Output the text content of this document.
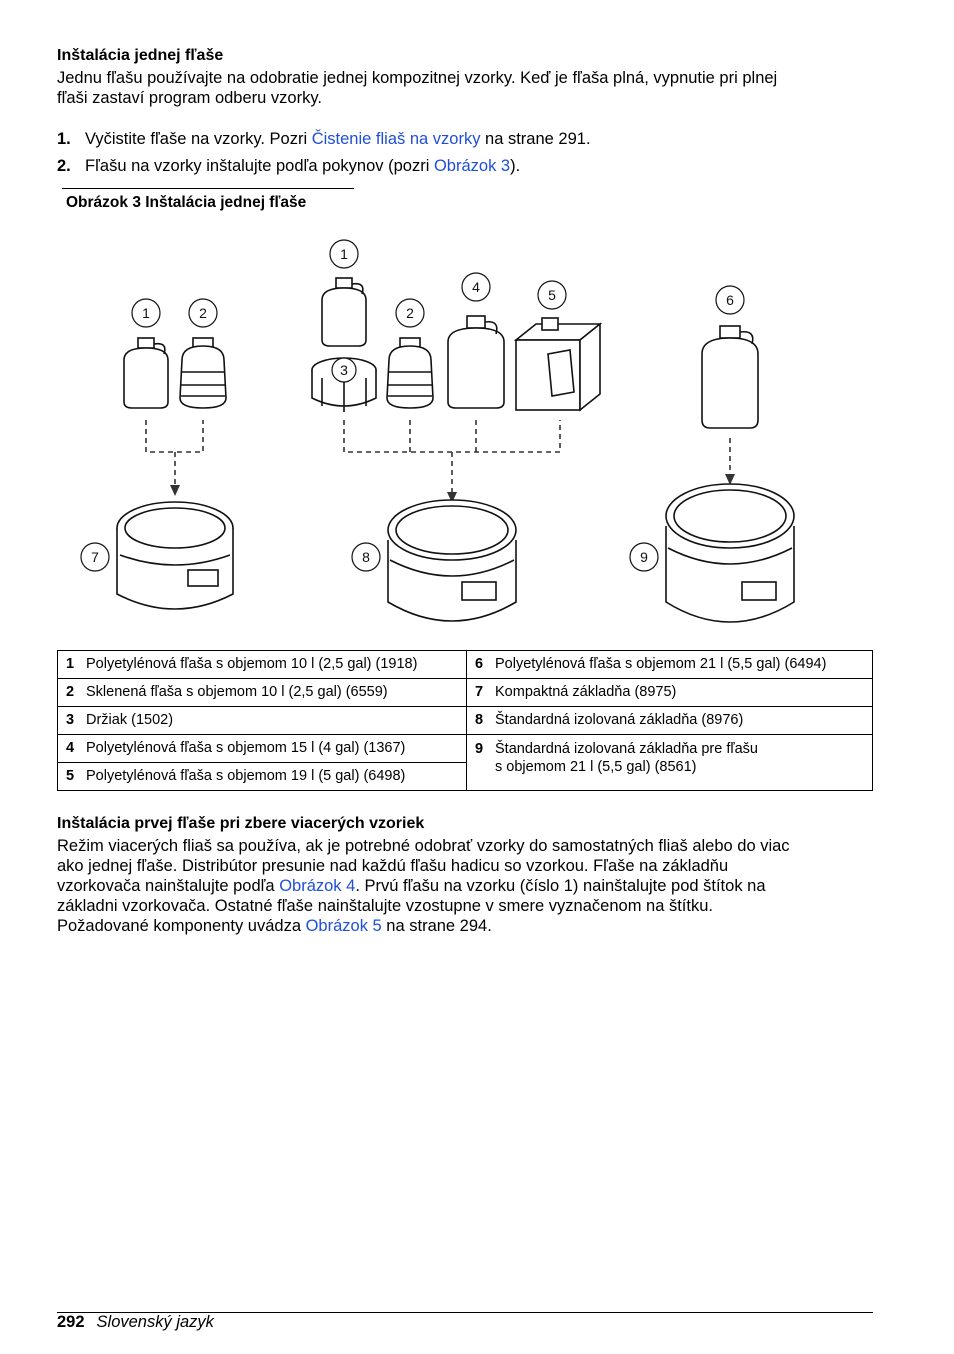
Inštalácia jednej fľaše
Jednu fľašu používajte na odobratie jednej kompozitnej vzorky. Keď je fľaša plná, vypnutie pri plnej
fľaši zastaví program odberu vzorky.
1. Vyčistite fľaše na vzorky. Pozri Čistenie fliaš na vzorky na strane 291.
2. Fľašu na vzorky inštalujte podľa pokynov (pozri Obrázok 3).
Obrázok 3 Inštalácia jednej fľaše
1	2
1
3
2
4	5	6
7	8	9
1 Polyetylénová fľaša s objemom 10 l (2,5 gal) (1918)	6 Polyetylénová fľaša s objemom 21 l (5,5 gal) (6494)
2 Sklenená fľaša s objemom 10 l (2,5 gal) (6559)	7 Kompaktná základňa (8975)
3 Držiak (1502)	8 Štandardná izolovaná základňa (8976)
4 Polyetylénová fľaša s objemom 15 l (4 gal) (1367)	9 Štandardná izolovaná základňa pre fľašu
s objemom 21 l (5,5 gal) (8561)
5 Polyetylénová fľaša s objemom 19 l (5 gal) (6498)	
Inštalácia prvej fľaše pri zbere viacerých vzoriek
Režim viacerých fliaš sa používa, ak je potrebné odobrať vzorky do samostatných fliaš alebo do viac
ako jednej fľaše. Distribútor presunie nad každú fľašu hadicu so vzorkou. Fľaše na základňu
vzorkovača nainštalujte podľa Obrázok 4. Prvú fľašu na vzorku (číslo 1) nainštalujte pod štítok na
základni vzorkovača. Ostatné fľaše nainštalujte vzostupne v smere vyznačenom na štítku.
Požadované komponenty uvádza Obrázok 5 na strane 294.
292 Slovenský jazyk
